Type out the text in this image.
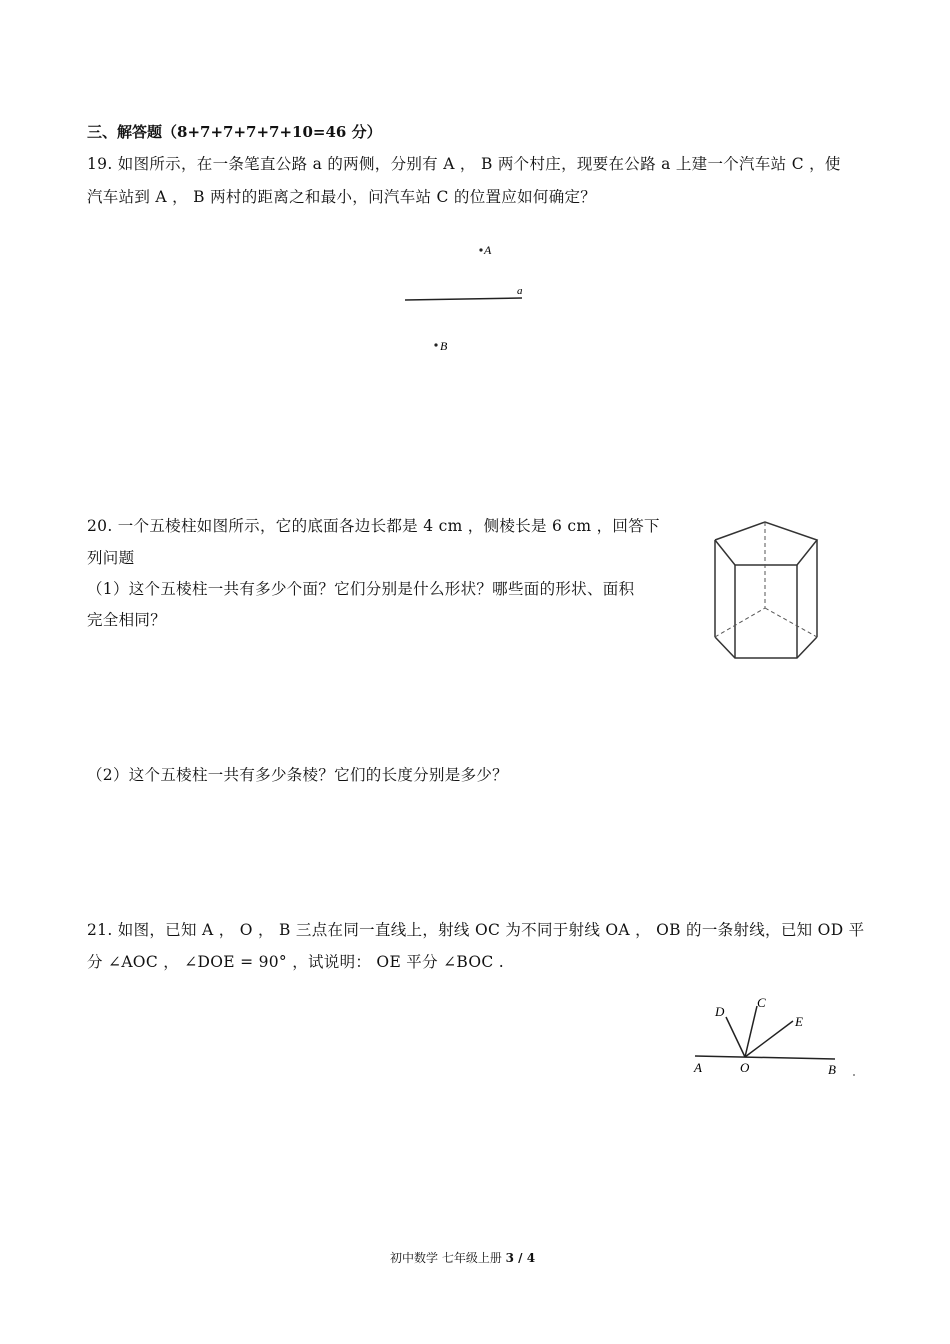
三、解答题（8+7+7+7+7+10=46 分）
19. 如图所示，在一条笔直公路 a 的两侧，分别有 A ， B 两个村庄，现要在公路 a 上建一个汽车站 C ，使
汽车站到 A ， B 两村的距离之和最小，问汽车站 C 的位置应如何确定？
A
a
B
20. 一个五棱柱如图所示，它的底面各边长都是 4 cm ，侧棱长是 6 cm ，回答下
列问题
（1）这个五棱柱一共有多少个面？它们分别是什么形状？哪些面的形状、面积
完全相同？
（2）这个五棱柱一共有多少条棱？它们的长度分别是多少？
21. 如图，已知 A ， O ， B 三点在同一直线上，射线 OC 为不同于射线 OA ， OB 的一条射线，已知 OD 平
分 ∠AOC ， ∠DOE = 90° ，试说明： OE 平分 ∠BOC .
A	O	B
D
C
E
初中数学 七年级上册 3 / 4
